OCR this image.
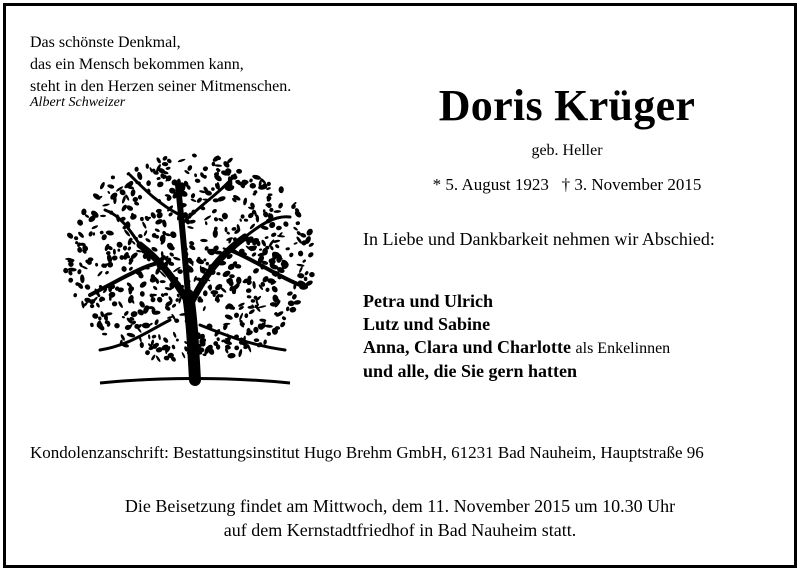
Das schönste Denkmal,
das ein Mensch bekommen kann,
steht in den Herzen seiner Mitmenschen.
Albert Schweizer	Doris Krüger
geb. Heller
* 5. August 1923   † 3. November 2015
In Liebe und Dankbarkeit nehmen wir Abschied:
Petra und Ulrich
Lutz und Sabine
Anna, Clara und Charlotte als Enkelinnen
und alle, die Sie gern hatten
Kondolenzanschrift: Bestattungsinstitut Hugo Brehm GmbH, 61231 Bad Nauheim, Hauptstraße 96
Die Beisetzung findet am Mittwoch, dem 11. November 2015 um 10.30 Uhr
auf dem Kernstadtfriedhof in Bad Nauheim statt.
